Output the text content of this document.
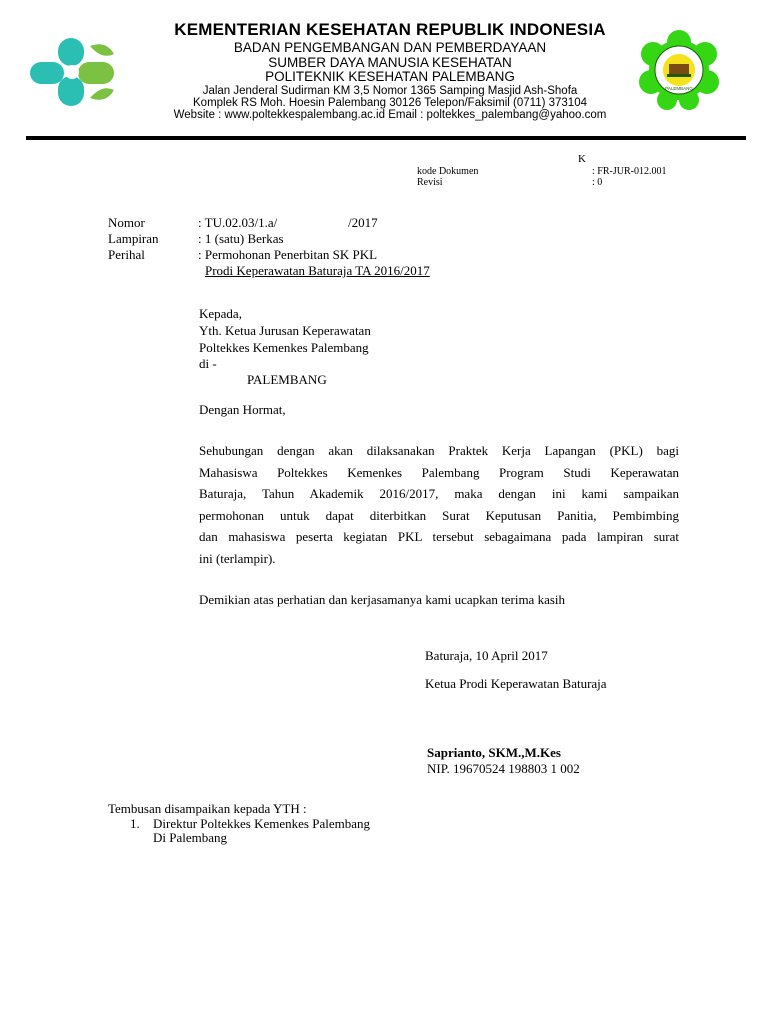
PALEMBANG
KEMENTERIAN KESEHATAN REPUBLIK INDONESIA
BADAN PENGEMBANGAN DAN PEMBERDAYAAN
SUMBER DAYA MANUSIA KESEHATAN
POLITEKNIK KESEHATAN PALEMBANG
Jalan Jenderal Sudirman KM 3,5 Nomor 1365 Samping Masjid Ash-Shofa
Komplek RS Moh. Hoesin Palembang 30126 Telepon/Faksimil (0711) 373104
Website : www.poltekkespalembang.ac.id Email : poltekkes_palembang@yahoo.com
K
kode Dokumen	: FR-JUR-012.001
Revisi	: 0
Nomor	: TU.02.03/1.a/	/2017
Lampiran	: 1 (satu) Berkas
Perihal	: Permohonan Penerbitan SK PKL
Prodi Keperawatan Baturaja TA 2016/2017
Kepada,
Yth. Ketua Jurusan Keperawatan
Poltekkes Kemenkes Palembang
di -
PALEMBANG
Dengan Hormat,
Sehubungan dengan akan dilaksanakan Praktek Kerja Lapangan (PKL) bagi
Mahasiswa Poltekkes Kemenkes Palembang Program Studi Keperawatan
Baturaja, Tahun Akademik 2016/2017, maka dengan ini kami sampaikan
permohonan untuk dapat diterbitkan Surat Keputusan Panitia, Pembimbing
dan mahasiswa peserta kegiatan PKL tersebut sebagaimana pada lampiran surat
ini (terlampir).
Demikian atas perhatian dan kerjasamanya kami ucapkan terima kasih
Baturaja, 10 April 2017
Ketua Prodi Keperawatan Baturaja
Saprianto, SKM.,M.Kes
NIP. 19670524 198803 1 002
Tembusan disampaikan kepada YTH :
1. Direktur Poltekkes Kemenkes Palembang
Di Palembang
